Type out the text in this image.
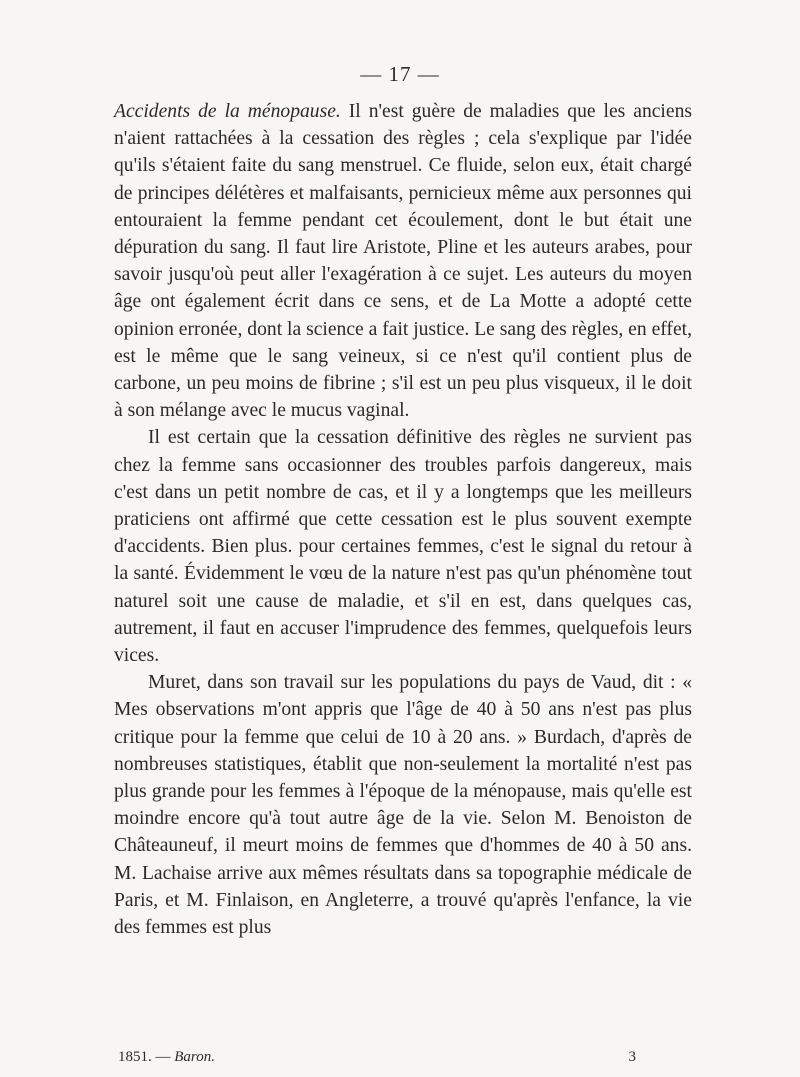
— 17 —

Accidents de la ménopause. Il n'est guère de maladies que les anciens n'aient rattachées à la cessation des règles ; cela s'explique par l'idée qu'ils s'étaient faite du sang menstruel. Ce fluide, selon eux, était chargé de principes délétères et malfaisants, pernicieux même aux personnes qui entouraient la femme pendant cet écoulement, dont le but était une dépuration du sang. Il faut lire Aristote, Pline et les auteurs arabes, pour savoir jusqu'où peut aller l'exagération à ce sujet. Les auteurs du moyen âge ont également écrit dans ce sens, et de La Motte a adopté cette opinion erronée, dont la science a fait justice. Le sang des règles, en effet, est le même que le sang veineux, si ce n'est qu'il contient plus de carbone, un peu moins de fibrine ; s'il est un peu plus visqueux, il le doit à son mélange avec le mucus vaginal.

Il est certain que la cessation définitive des règles ne survient pas chez la femme sans occasionner des troubles parfois dangereux, mais c'est dans un petit nombre de cas, et il y a longtemps que les meilleurs praticiens ont affirmé que cette cessation est le plus souvent exempte d'accidents. Bien plus. pour certaines femmes, c'est le signal du retour à la santé. Évidemment le vœu de la nature n'est pas qu'un phénomène tout naturel soit une cause de maladie, et s'il en est, dans quelques cas, autrement, il faut en accuser l'imprudence des femmes, quelquefois leurs vices.

Muret, dans son travail sur les populations du pays de Vaud, dit : « Mes observations m'ont appris que l'âge de 40 à 50 ans n'est pas plus critique pour la femme que celui de 10 à 20 ans. » Burdach, d'après de nombreuses statistiques, établit que non-seulement la mortalité n'est pas plus grande pour les femmes à l'époque de la ménopause, mais qu'elle est moindre encore qu'à tout autre âge de la vie. Selon M. Benoiston de Châteauneuf, il meurt moins de femmes que d'hommes de 40 à 50 ans. M. Lachaise arrive aux mêmes résultats dans sa topographie médicale de Paris, et M. Finlaison, en Angleterre, a trouvé qu'après l'enfance, la vie des femmes est plus

1851. — Baron.	3
